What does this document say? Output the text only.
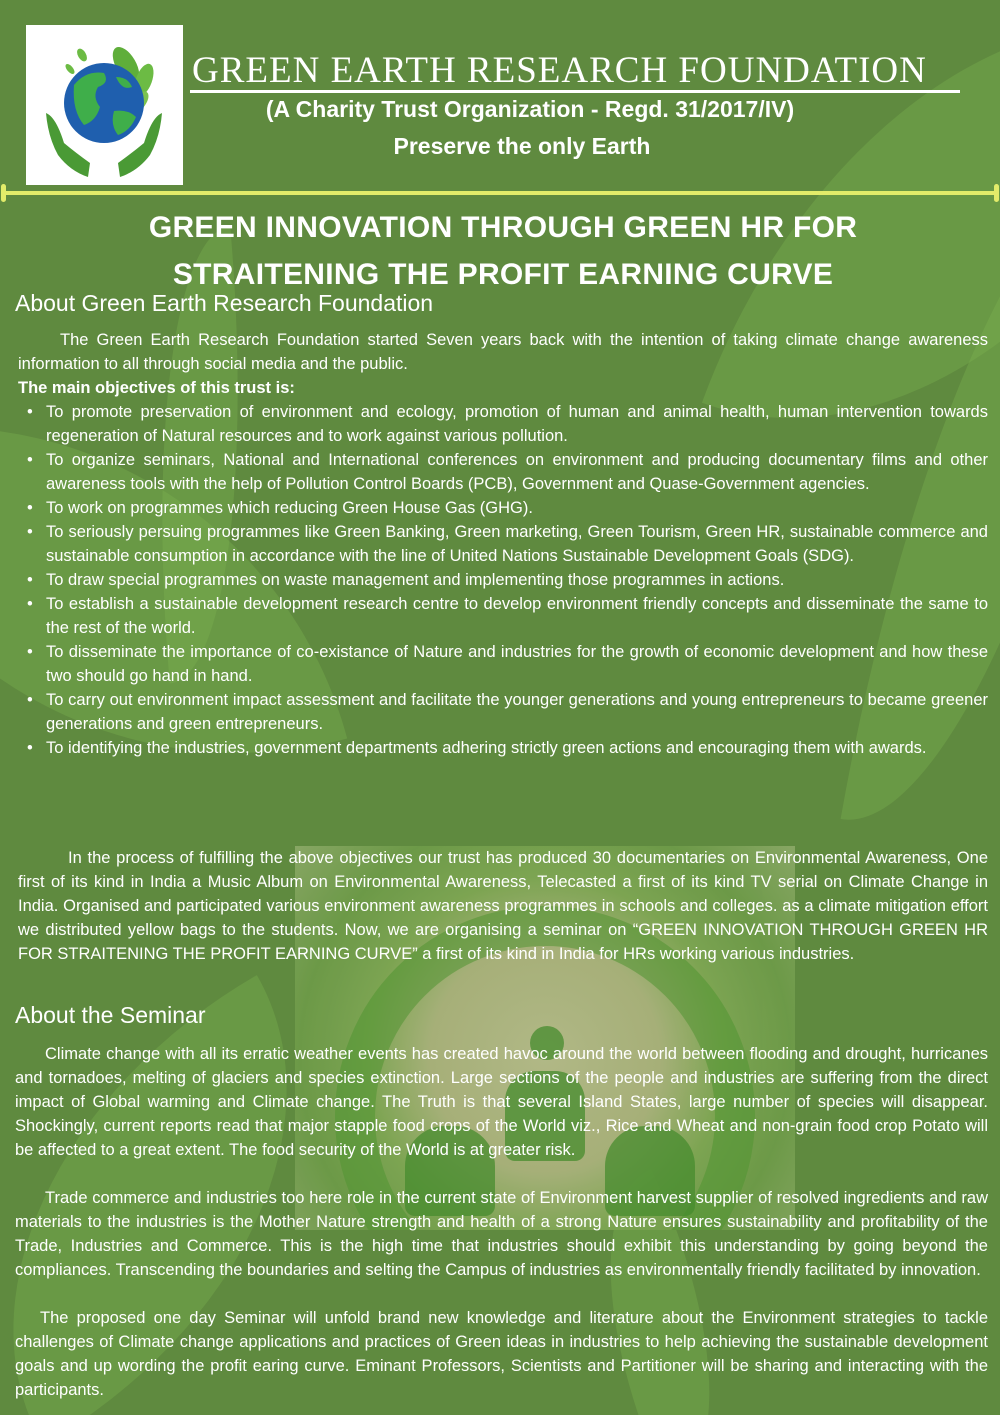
GREEN EARTH RESEARCH FOUNDATION
(A Charity Trust Organization - Regd. 31/2017/IV)
Preserve the only Earth
GREEN INNOVATION THROUGH GREEN HR FOR
STRAITENING THE PROFIT EARNING CURVE
About Green Earth Research Foundation

The Green Earth Research Foundation started Seven years back with the intention of taking climate change awareness information to all through social media and the public.

The main objectives of this trust is:
• To promote preservation of environment and ecology, promotion of human and animal health, human intervention towards regeneration of Natural resources and to work against various pollution.
• To organize seminars, National and International conferences on environment and producing documentary films and other awareness tools with the help of Pollution Control Boards (PCB), Government and Quase-Government agencies.
• To work on programmes which reducing Green House Gas (GHG).
• To seriously persuing programmes like Green Banking, Green marketing, Green Tourism, Green HR, sustainable commerce and sustainable consumption in accordance with the line of United Nations Sustainable Development Goals (SDG).
• To draw special programmes on waste management and implementing those programmes in actions.
• To establish a sustainable development research centre to develop environment friendly concepts and disseminate the same to the rest of the world.
• To disseminate the importance of co-existance of Nature and industries for the growth of economic development and how these two should go hand in hand.
• To carry out environment impact assessment and facilitate the younger generations and young entrepreneurs to became greener generations and green entrepreneurs.
• To identifying the industries, government departments adhering strictly green actions and encouraging them with awards.

In the process of fulfilling the above objectives our trust has produced 30 documentaries on Environmental Awareness, One first of its kind in India a Music Album on Environmental Awareness, Telecasted a first of its kind TV serial on Climate Change in India. Organised and participated various environment awareness programmes in schools and colleges. as a climate mitigation effort we distributed yellow bags to the students. Now, we are organising a seminar on “GREEN INNOVATION THROUGH GREEN HR FOR STRAITENING THE PROFIT EARNING CURVE” a first of its kind in India for HRs working various industries.

About the Seminar

Climate change with all its erratic weather events has created havoc around the world between flooding and drought, hurricanes and tornadoes, melting of glaciers and species extinction. Large sections of the people and industries are suffering from the direct impact of Global warming and Climate change. The Truth is that several Island States, large number of species will disappear. Shockingly, current reports read that major stapple food crops of the World viz., Rice and Wheat and non-grain food crop Potato will be affected to a great extent. The food security of the World is at greater risk.

Trade commerce and industries too here role in the current state of Environment harvest supplier of resolved ingredients and raw materials to the industries is the Mother Nature strength and health of a strong Nature ensures sustainability and profitability of the Trade, Industries and Commerce. This is the high time that industries should exhibit this understanding by going beyond the compliances. Transcending the boundaries and selting the Campus of industries as environmentally friendly facilitated by innovation.

The proposed one day Seminar will unfold brand new knowledge and literature about the Environment strategies to tackle challenges of Climate change applications and practices of Green ideas in industries to help achieving the sustainable development goals and up wording the profit earing curve. Eminant Professors, Scientists and Partitioner will be sharing and interacting with the participants.
